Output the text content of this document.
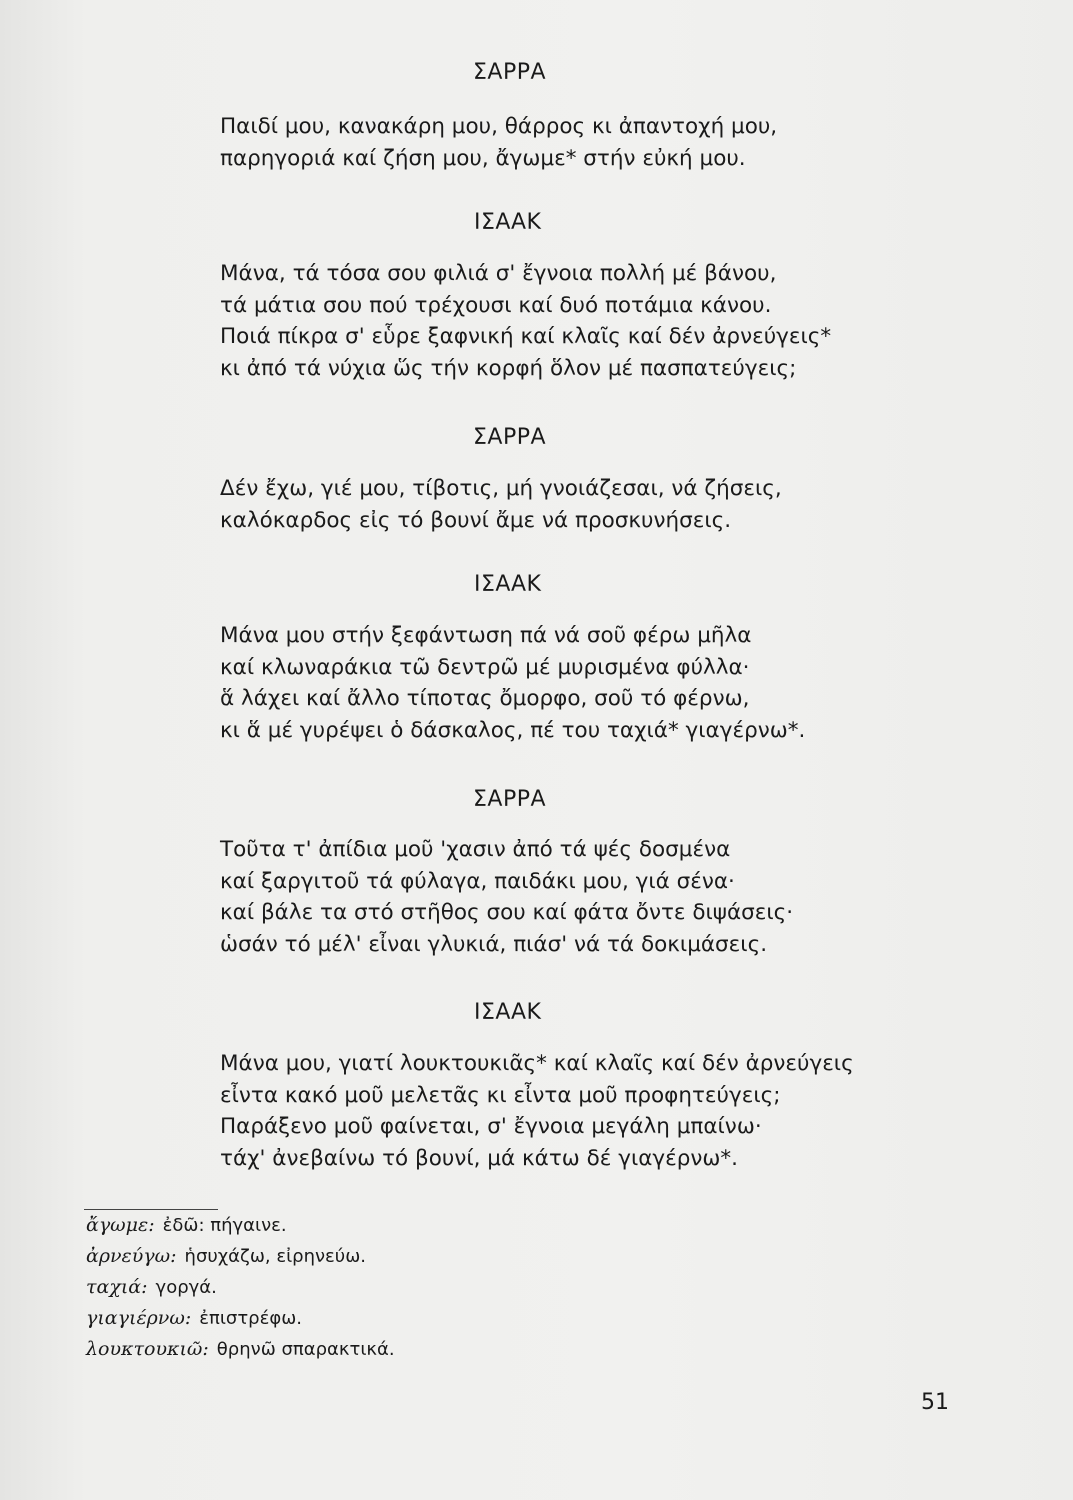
ΣΑΡΡΑ
Παιδί μου, κανακάρη μου, θάρρος κι ἀπαντοχή μου,
παρηγοριά καί ζήση μου, ἄγωμε* στήν εὐκή μου.
ΙΣΑΑΚ
Μάνα, τά τόσα σου φιλιά σ' ἔγνοια πολλή μέ βάνου,
τά μάτια σου πού τρέχουσι καί δυό ποτάμια κάνου.
Ποιά πίκρα σ' εὗρε ξαφνική καί κλαῖς καί δέν ἀρνεύγεις*
κι ἀπό τά νύχια ὥς τήν κορφή ὅλον μέ πασπατεύγεις;
ΣΑΡΡΑ
Δέν ἔχω, γιέ μου, τίβοτις, μή γνοιάζεσαι, νά ζήσεις,
καλόκαρδος εἰς τό βουνί ἄμε νά προσκυνήσεις.
ΙΣΑΑΚ
Μάνα μου στήν ξεφάντωση πά νά σοῦ φέρω μῆλα
καί κλωναράκια τῶ δεντρῶ μέ μυρισμένα φύλλα·
ἅ λάχει καί ἄλλο τίποτας ὄμορφο, σοῦ τό φέρνω,
κι ἅ μέ γυρέψει ὁ δάσκαλος, πέ του ταχιά* γιαγέρνω*.
ΣΑΡΡΑ
Τοῦτα τ' ἀπίδια μοῦ 'χασιν ἀπό τά ψές δοσμένα
καί ξαργιτοῦ τά φύλαγα, παιδάκι μου, γιά σένα·
καί βάλε τα στό στῆθος σου καί φάτα ὄντε διψάσεις·
ὡσάν τό μέλ' εἶναι γλυκιά, πιάσ' νά τά δοκιμάσεις.
ΙΣΑΑΚ
Μάνα μου, γιατί λουκτουκιᾶς* καί κλαῖς καί δέν ἀρνεύγεις
εἶντα κακό μοῦ μελετᾶς κι εἶντα μοῦ προφητεύγεις;
Παράξενο μοῦ φαίνεται, σ' ἔγνοια μεγάλη μπαίνω·
τάχ' ἀνεβαίνω τό βουνί, μά κάτω δέ γιαγέρνω*.
ἄγωμε: ἐδῶ: πήγαινε.
ἀρνεύγω: ἡσυχάζω, εἰρηνεύω.
ταχιά: γοργά.
γιαγιέρνω: ἐπιστρέφω.
λουκτουκιῶ: θρηνῶ σπαρακτικά.
51
